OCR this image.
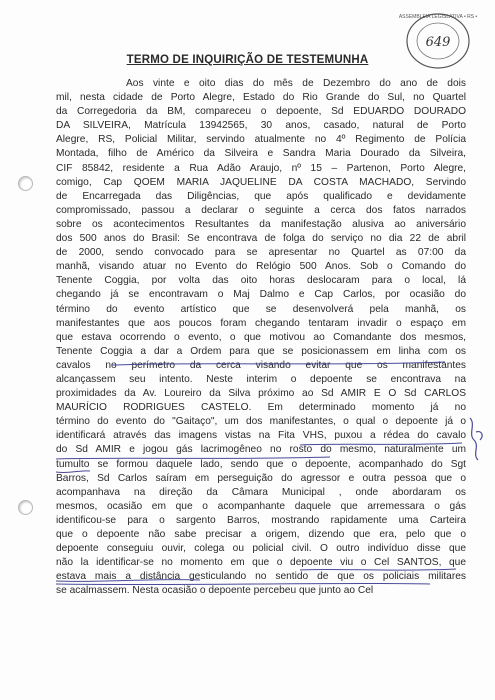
ASSEMBLEIA LEGISLATIVA • RS •
649
TERMO DE INQUIRIÇÃO DE TESTEMUNHA
Aos vinte e oito dias do mês de Dezembro do ano de dois
mil, nesta cidade de Porto Alegre, Estado do Rio Grande do Sul, no Quartel
da Corregedoria da BM, compareceu o depoente, Sd EDUARDO DOURADO
DA SILVEIRA, Matrícula 13942565, 30 anos, casado, natural de Porto
Alegre, RS, Policial Militar, servindo atualmente no 4º Regimento de Polícia
Montada, filho de Américo da Silveira e Sandra Maria Dourado da Silveira,
CIF 85842, residente a Rua Adão Araujo, nº 15 – Partenon, Porto Alegre,
comigo, Cap QOEM MARIA JAQUELINE DA COSTA MACHADO, Servindo
de Encarregada das Diligências, que após qualificado e devidamente
compromissado, passou a declarar o seguinte a cerca dos fatos narrados
sobre os acontecimentos Resultantes da manifestação alusiva ao aniversário
dos 500 anos do Brasil: Se encontrava de folga do serviço no dia 22 de abril
de 2000, sendo convocado para se apresentar no Quartel as 07:00 da
manhã, visando atuar no Evento do Relógio 500 Anos. Sob o Comando do
Tenente Coggia, por volta das oito horas deslocaram para o local, lá
chegando já se encontravam o Maj Dalmo e Cap Carlos, por ocasião do
término do evento artístico que se desenvolverá pela manhã, os
manifestantes que aos poucos foram chegando tentaram invadir o espaço em
que estava ocorrendo o evento, o que motivou ao Comandante dos mesmos,
Tenente Coggia a dar a Ordem para que se posicionassem em linha com os
cavalos no perímetro da cerca visando evitar que os manifestantes
alcançassem seu intento. Neste interim o depoente se encontrava na
proximidades da Av. Loureiro da Silva próximo ao Sd AMIR E O Sd CARLOS
MAURÍCIO RODRIGUES CASTELO. Em determinado momento já no
término do evento do "Gaitaço", um dos manifestantes, o qual o depoente já o
identificará através das imagens vistas na Fita VHS, puxou a rédea do cavalo
do Sd AMIR e jogou gás lacrimogêneo no rosto do mesmo, naturalmente um
tumulto se formou daquele lado, sendo que o depoente, acompanhado do Sgt
Barros, Sd Carlos saíram em perseguição do agressor e outra pessoa que o
acompanhava na direção da Câmara Municipal , onde abordaram os
mesmos, ocasião em que o acompanhante daquele que arremessara o gás
identificou-se para o sargento Barros, mostrando rapidamente uma Carteira
que o depoente não sabe precisar a origem, dizendo que era, pelo que o
depoente conseguiu ouvir, colega ou policial civil. O outro indivíduo disse que
não la identificar-se no momento em que o depoente viu o Cel SANTOS, que
estava mais a distância gesticulando no sentido de que os policiais militares
se acalmassem. Nesta ocasião o depoente percebeu que junto ao Cel
